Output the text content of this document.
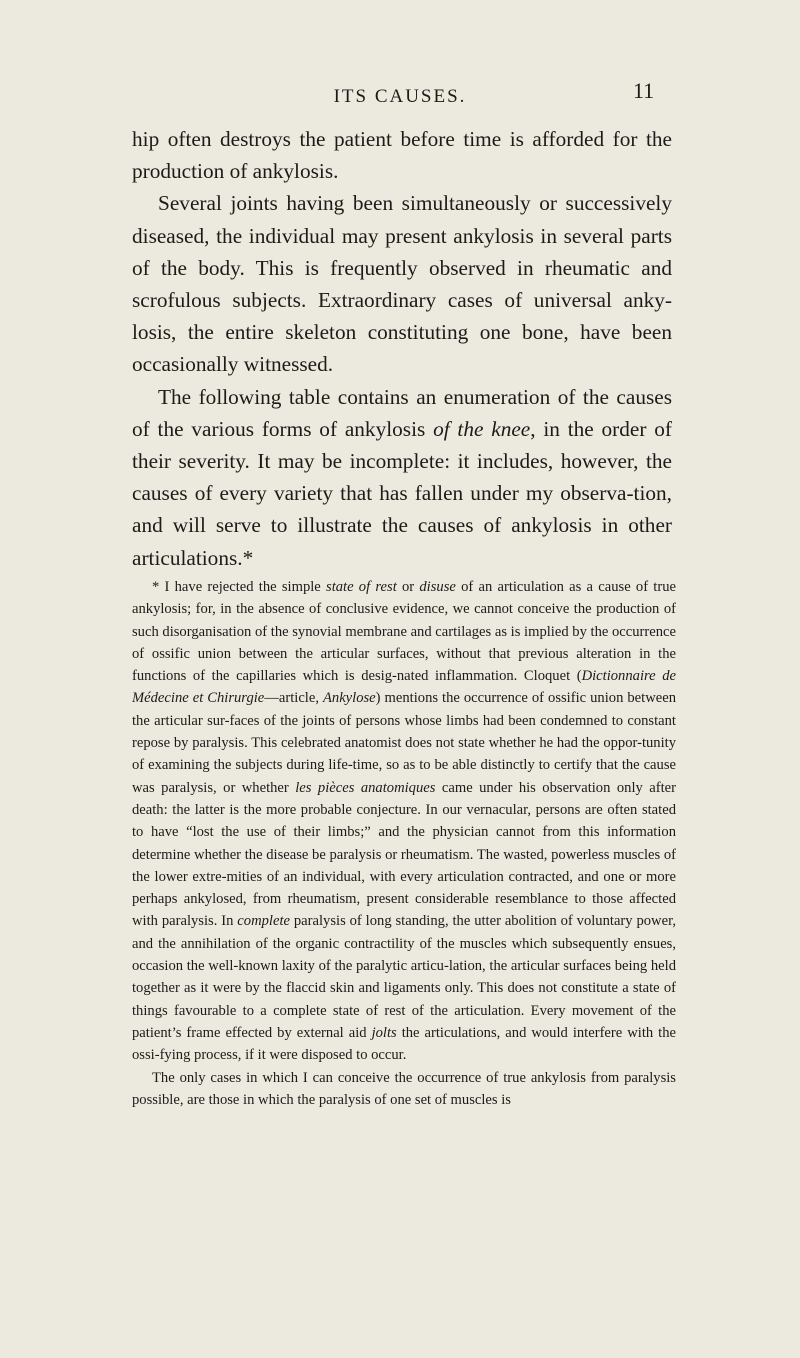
ITS CAUSES.	11

hip often destroys the patient before time is afforded for the production of ankylosis.

Several joints having been simultaneously or successively diseased, the individual may present ankylosis in several parts of the body. This is frequently observed in rheumatic and scrofulous subjects. Extraordinary cases of universal anky-losis, the entire skeleton constituting one bone, have been occasionally witnessed.

The following table contains an enumeration of the causes of the various forms of ankylosis of the knee, in the order of their severity. It may be incomplete: it includes, however, the causes of every variety that has fallen under my observa-tion, and will serve to illustrate the causes of ankylosis in other articulations.*

* I have rejected the simple state of rest or disuse of an articulation as a cause of true ankylosis; for, in the absence of conclusive evidence, we cannot conceive the production of such disorganisation of the synovial membrane and cartilages as is implied by the occurrence of ossific union between the articular surfaces, without that previous alteration in the functions of the capillaries which is desig-nated inflammation. Cloquet (Dictionnaire de Médecine et Chirurgie—article, Ankylose) mentions the occurrence of ossific union between the articular sur-faces of the joints of persons whose limbs had been condemned to constant repose by paralysis. This celebrated anatomist does not state whether he had the oppor-tunity of examining the subjects during life-time, so as to be able distinctly to certify that the cause was paralysis, or whether les pièces anatomiques came under his observation only after death: the latter is the more probable conjecture. In our vernacular, persons are often stated to have “lost the use of their limbs;” and the physician cannot from this information determine whether the disease be paralysis or rheumatism. The wasted, powerless muscles of the lower extre-mities of an individual, with every articulation contracted, and one or more perhaps ankylosed, from rheumatism, present considerable resemblance to those affected with paralysis. In complete paralysis of long standing, the utter abolition of voluntary power, and the annihilation of the organic contractility of the muscles which subsequently ensues, occasion the well-known laxity of the paralytic articu-lation, the articular surfaces being held together as it were by the flaccid skin and ligaments only. This does not constitute a state of things favourable to a complete state of rest of the articulation. Every movement of the patient’s frame effected by external aid jolts the articulations, and would interfere with the ossi-fying process, if it were disposed to occur.

The only cases in which I can conceive the occurrence of true ankylosis from paralysis possible, are those in which the paralysis of one set of muscles is
